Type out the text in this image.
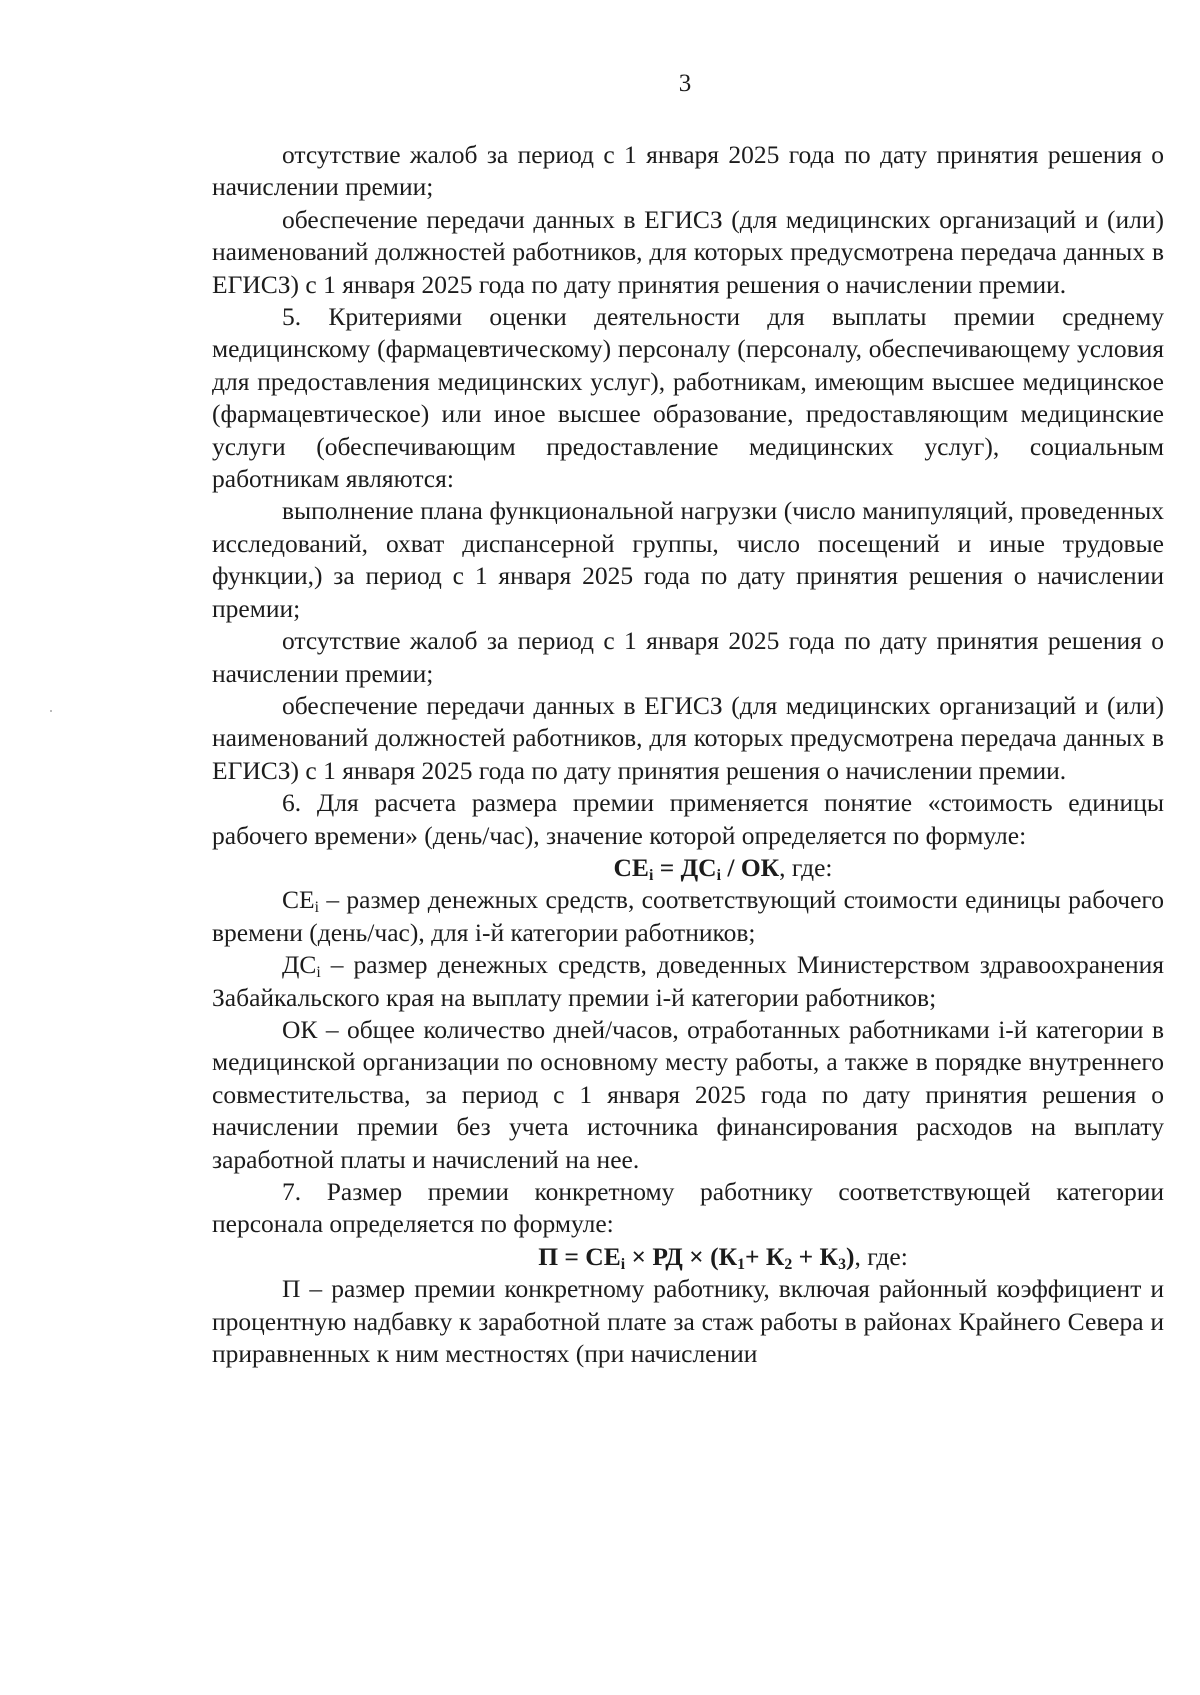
3

отсутствие жалоб за период с 1 января 2025 года по дату принятия решения о начислении премии;

обеспечение передачи данных в ЕГИСЗ (для медицинских организаций и (или) наименований должностей работников, для которых предусмотрена передача данных в ЕГИСЗ) с 1 января 2025 года по дату принятия решения о начислении премии.

5. Критериями оценки деятельности для выплаты премии среднему медицинскому (фармацевтическому) персоналу (персоналу, обеспечивающему условия для предоставления медицинских услуг), работникам, имеющим высшее медицинское (фармацевтическое) или иное высшее образование, предоставляющим медицинские услуги (обеспечивающим предоставление медицинских услуг), социальным работникам являются:

выполнение плана функциональной нагрузки (число манипуляций, проведенных исследований, охват диспансерной группы, число посещений и иные трудовые функции,) за период с 1 января 2025 года по дату принятия решения о начислении премии;

отсутствие жалоб за период с 1 января 2025 года по дату принятия решения о начислении премии;

обеспечение передачи данных в ЕГИСЗ (для медицинских организаций и (или) наименований должностей работников, для которых предусмотрена передача данных в ЕГИСЗ) с 1 января 2025 года по дату принятия решения о начислении премии.

6. Для расчета размера премии применяется понятие «стоимость единицы рабочего времени» (день/час), значение которой определяется по формуле:

$CE_i = ДС_i$ / ОК, где:

$CE_i$ – размер денежных средств, соответствующий стоимости единицы рабочего времени (день/час), для i-й категории работников;

$ДС_i$ – размер денежных средств, доведенных Министерством здравоохранения Забайкальского края на выплату премии i-й категории работников;

ОК – общее количество дней/часов, отработанных работниками i-й категории в медицинской организации по основному месту работы, а также в порядке внутреннего совместительства, за период с 1 января 2025 года по дату принятия решения о начислении премии без учета источника финансирования расходов на выплату заработной платы и начислений на нее.

7. Размер премии конкретному работнику соответствующей категории персонала определяется по формуле:

$П = СЕ_i$ × РД × $(К_1+ К_2 + К_3)$, где:

П – размер премии конкретному работнику, включая районный коэффициент и процентную надбавку к заработной плате за стаж работы в районах Крайнего Севера и приравненных к ним местностях (при начислении
